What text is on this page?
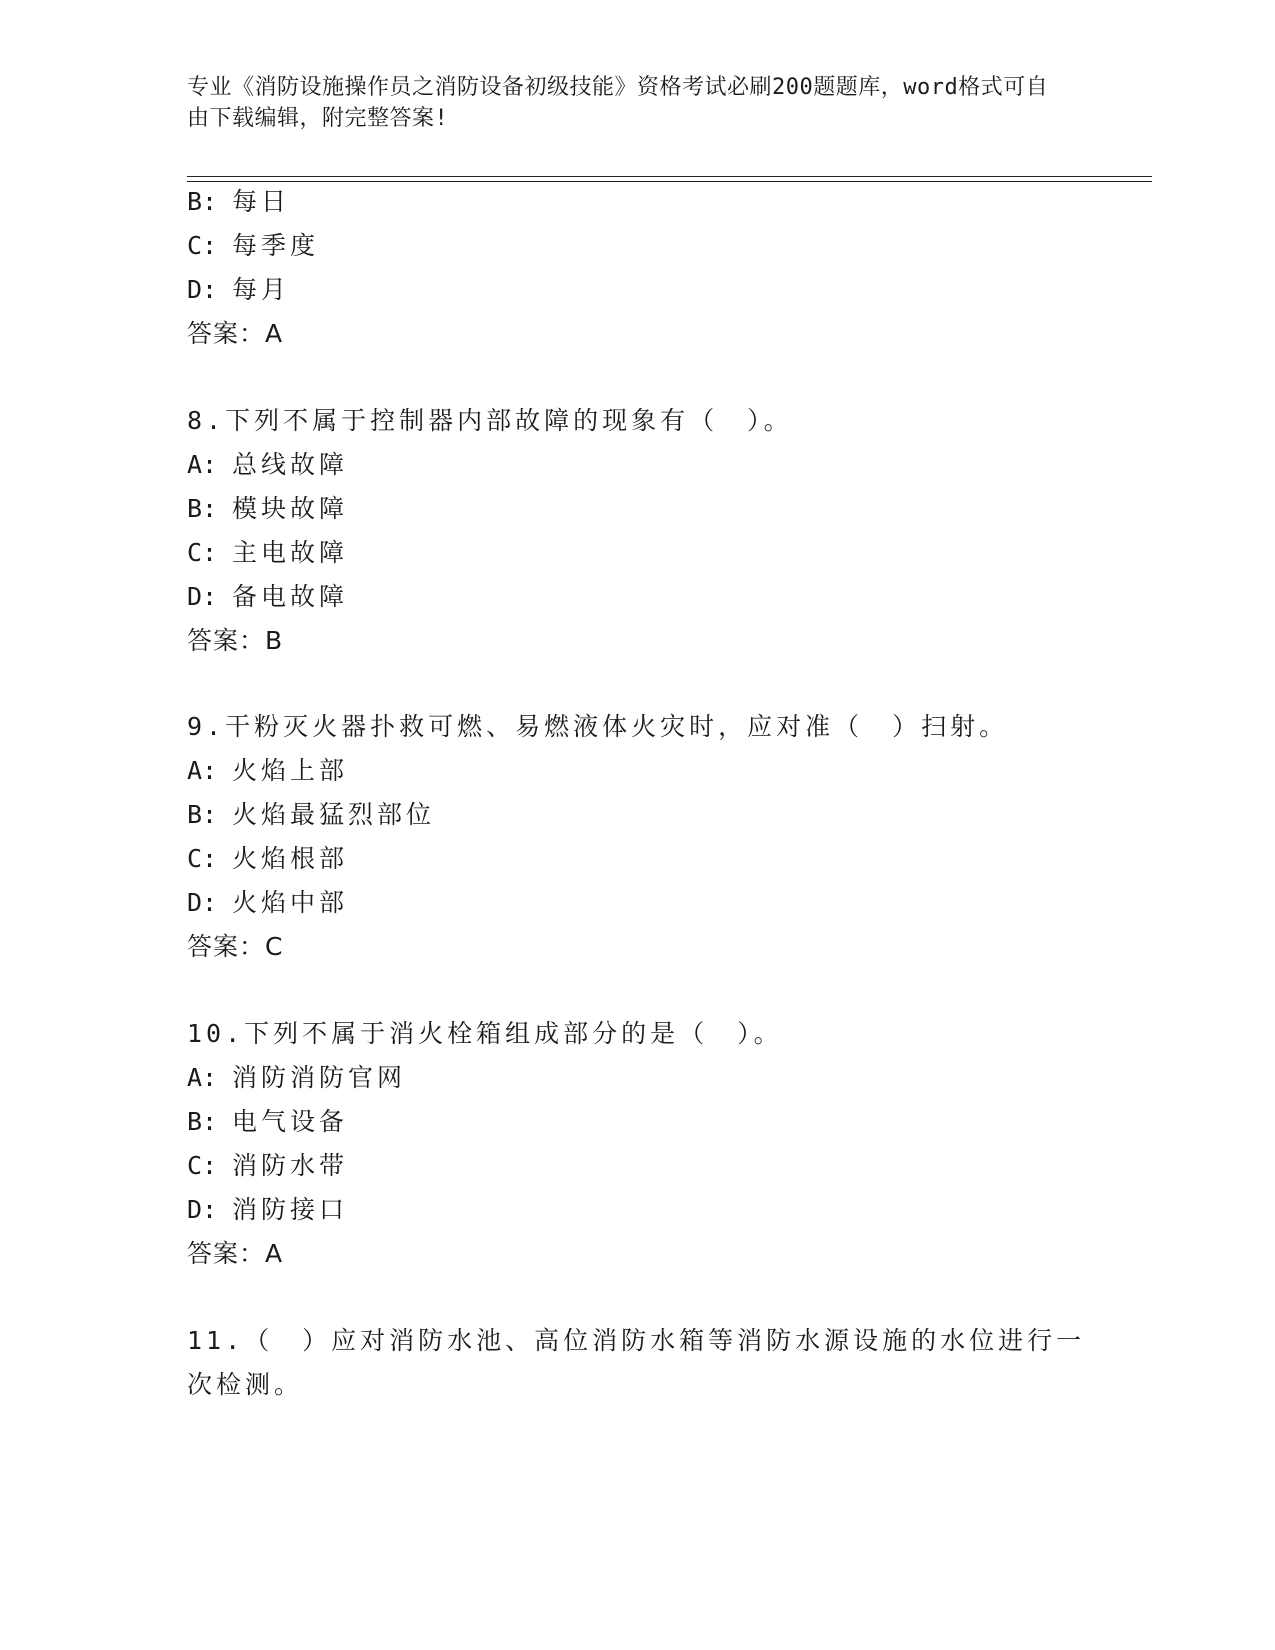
专业《消防设施操作员之消防设备初级技能》资格考试必刷200题题库，word格式可自由下载编辑，附完整答案!
B: 每日
C: 每季度
D: 每月
答案：A
8.下列不属于控制器内部故障的现象有（　）。
A: 总线故障
B: 模块故障
C: 主电故障
D: 备电故障
答案：B
9.干粉灭火器扑救可燃、易燃液体火灾时，应对准（　）扫射。
A: 火焰上部
B: 火焰最猛烈部位
C: 火焰根部
D: 火焰中部
答案：C
10.下列不属于消火栓箱组成部分的是（　）。
A: 消防消防官网
B: 电气设备
C: 消防水带
D: 消防接口
答案：A
11.（　）应对消防水池、高位消防水箱等消防水源设施的水位进行一
次检测。
